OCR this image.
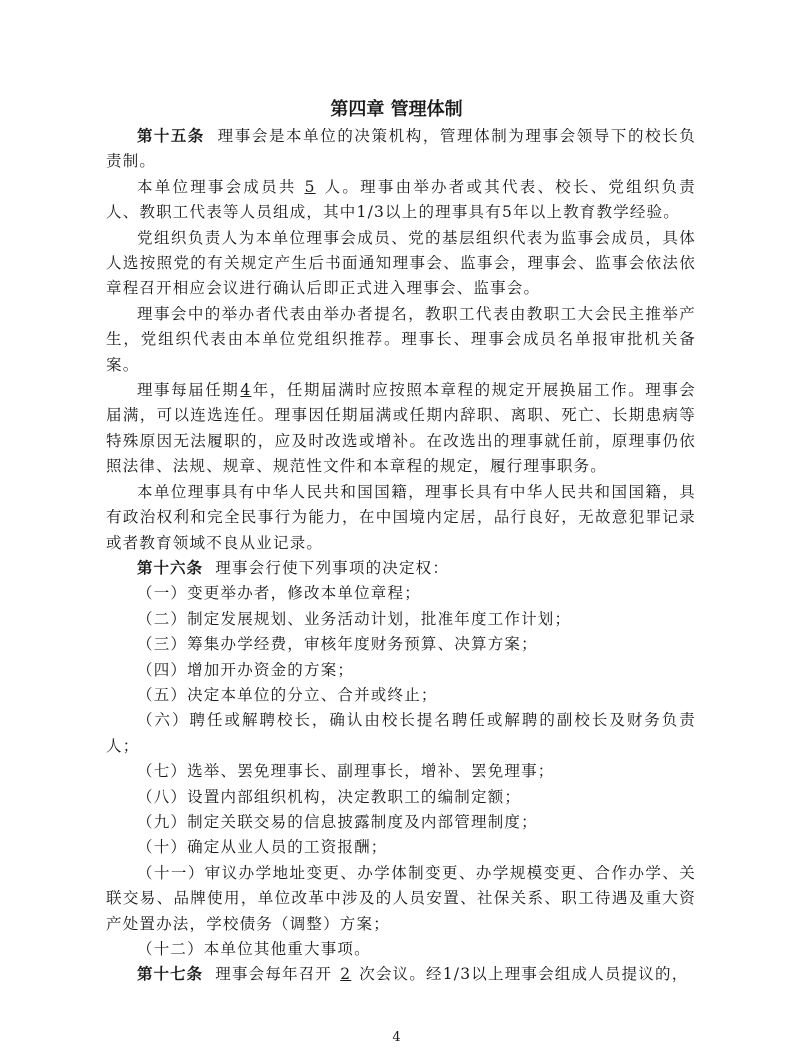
第四章 管理体制

第十五条 理事会是本单位的决策机构，管理体制为理事会领导下的校长负责制。

本单位理事会成员共 5 人。理事由举办者或其代表、校长、党组织负责人、教职工代表等人员组成，其中1/3以上的理事具有5年以上教育教学经验。

党组织负责人为本单位理事会成员、党的基层组织代表为监事会成员，具体人选按照党的有关规定产生后书面通知理事会、监事会，理事会、监事会依法依章程召开相应会议进行确认后即正式进入理事会、监事会。

理事会中的举办者代表由举办者提名，教职工代表由教职工大会民主推举产生，党组织代表由本单位党组织推荐。理事长、理事会成员名单报审批机关备案。

理事每届任期4年，任期届满时应按照本章程的规定开展换届工作。理事会届满，可以连选连任。理事因任期届满或任期内辞职、离职、死亡、长期患病等特殊原因无法履职的，应及时改选或增补。在改选出的理事就任前，原理事仍依照法律、法规、规章、规范性文件和本章程的规定，履行理事职务。

本单位理事具有中华人民共和国国籍，理事长具有中华人民共和国国籍，具有政治权利和完全民事行为能力，在中国境内定居，品行良好，无故意犯罪记录或者教育领域不良从业记录。

第十六条 理事会行使下列事项的决定权：

（一）变更举办者，修改本单位章程；

（二）制定发展规划、业务活动计划，批准年度工作计划；

（三）筹集办学经费，审核年度财务预算、决算方案；

（四）增加开办资金的方案；

（五）决定本单位的分立、合并或终止；

（六）聘任或解聘校长，确认由校长提名聘任或解聘的副校长及财务负责人；

（七）选举、罢免理事长、副理事长，增补、罢免理事；

（八）设置内部组织机构，决定教职工的编制定额；

（九）制定关联交易的信息披露制度及内部管理制度；

（十）确定从业人员的工资报酬；

（十一）审议办学地址变更、办学体制变更、办学规模变更、合作办学、关联交易、品牌使用，单位改革中涉及的人员安置、社保关系、职工待遇及重大资产处置办法，学校债务（调整）方案；

（十二）本单位其他重大事项。

第十七条 理事会每年召开 2 次会议。经1/3以上理事会组成人员提议的，

4
